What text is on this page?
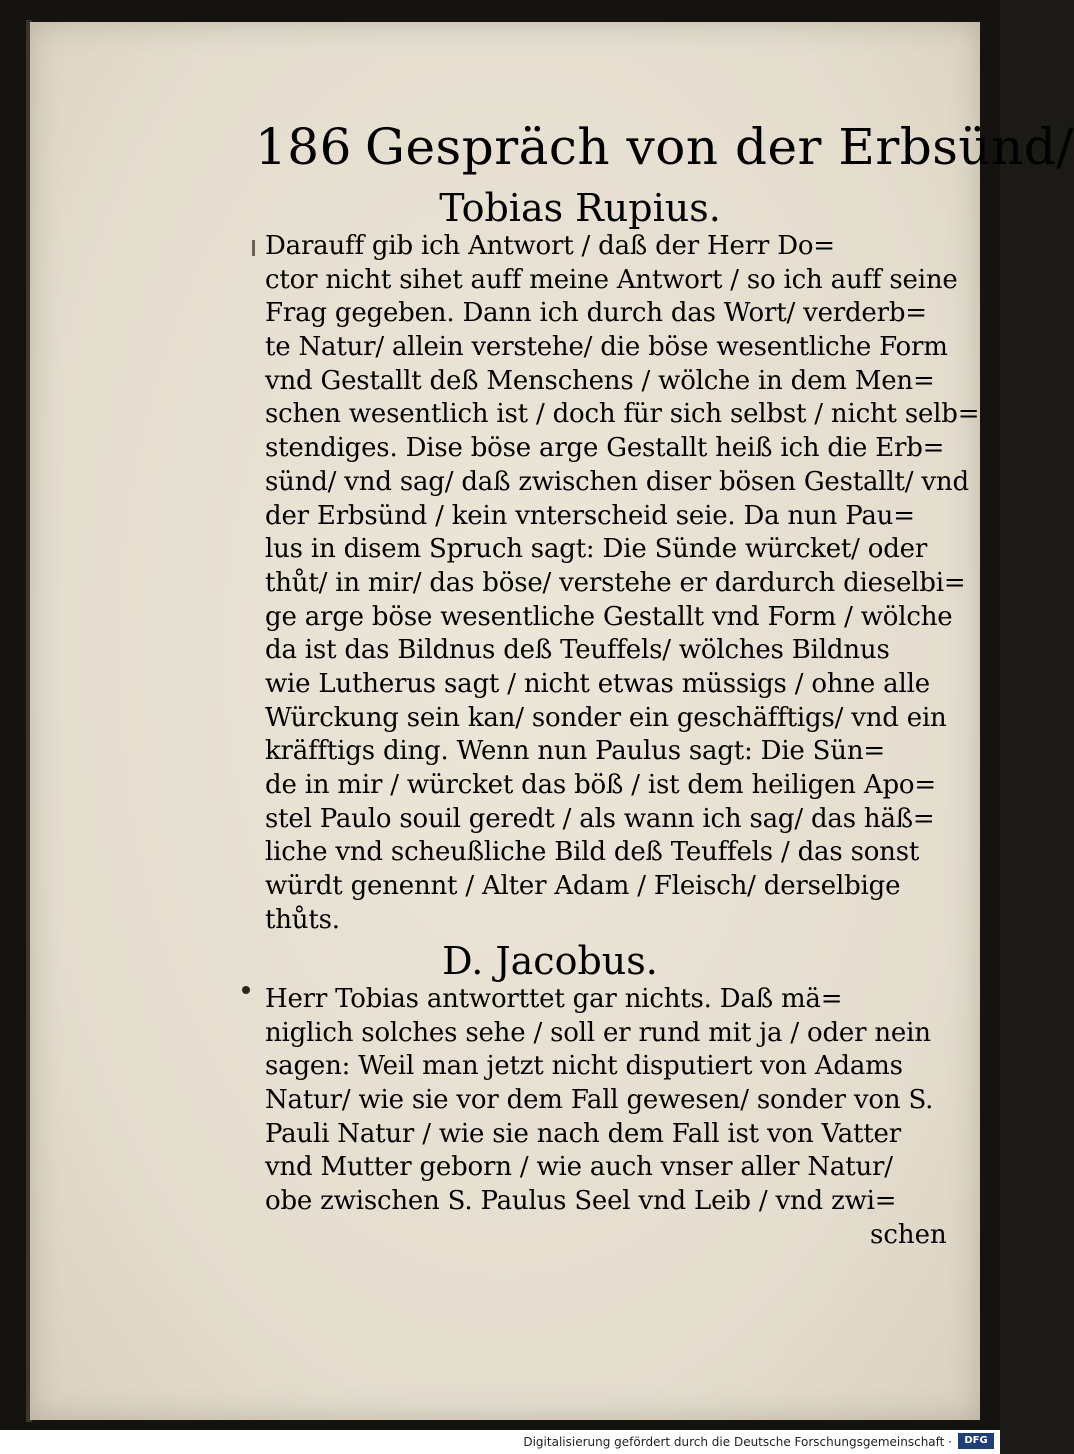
186 Gespräch von der Erbsünd/
Tobias Rupius.
Darauff gib ich Antwort / daß der Herr Do=
ctor nicht sihet auff meine Antwort / so ich auff seine
Frag gegeben. Dann ich durch das Wort/ verderb=
te Natur/ allein verstehe/ die böse wesentliche Form
vnd Gestallt deß Menschens / wölche in dem Men=
schen wesentlich ist / doch für sich selbst / nicht selb=
stendiges. Dise böse arge Gestallt heiß ich die Erb=
sünd/ vnd sag/ daß zwischen diser bösen Gestallt/ vnd
der Erbsünd / kein vnterscheid seie. Da nun Pau=
lus in disem Spruch sagt: Die Sünde würcket/ oder
thůt/ in mir/ das böse/ verstehe er dardurch dieselbi=
ge arge böse wesentliche Gestallt vnd Form / wölche
da ist das Bildnus deß Teuffels/ wölches Bildnus
wie Lutherus sagt / nicht etwas müssigs / ohne alle
Würckung sein kan/ sonder ein geschäfftigs/ vnd ein
kräfftigs ding. Wenn nun Paulus sagt: Die Sün=
de in mir / würcket das böß / ist dem heiligen Apo=
stel Paulo souil geredt / als wann ich sag/ das häß=
liche vnd scheußliche Bild deß Teuffels / das sonst
würdt genennt / Alter Adam / Fleisch/ derselbige
thůts.
D. Jacobus.
Herr Tobias antworttet gar nichts. Daß mä=
niglich solches sehe / soll er rund mit ja / oder nein
sagen: Weil man jetzt nicht disputiert von Adams
Natur/ wie sie vor dem Fall gewesen/ sonder von S.
Pauli Natur / wie sie nach dem Fall ist von Vatter
vnd Mutter geborn / wie auch vnser aller Natur/
obe zwischen S. Paulus Seel vnd Leib / vnd zwi=
schen
Digitalisierung gefördert durch die Deutsche Forschungsgemeinschaft ·	DFG
